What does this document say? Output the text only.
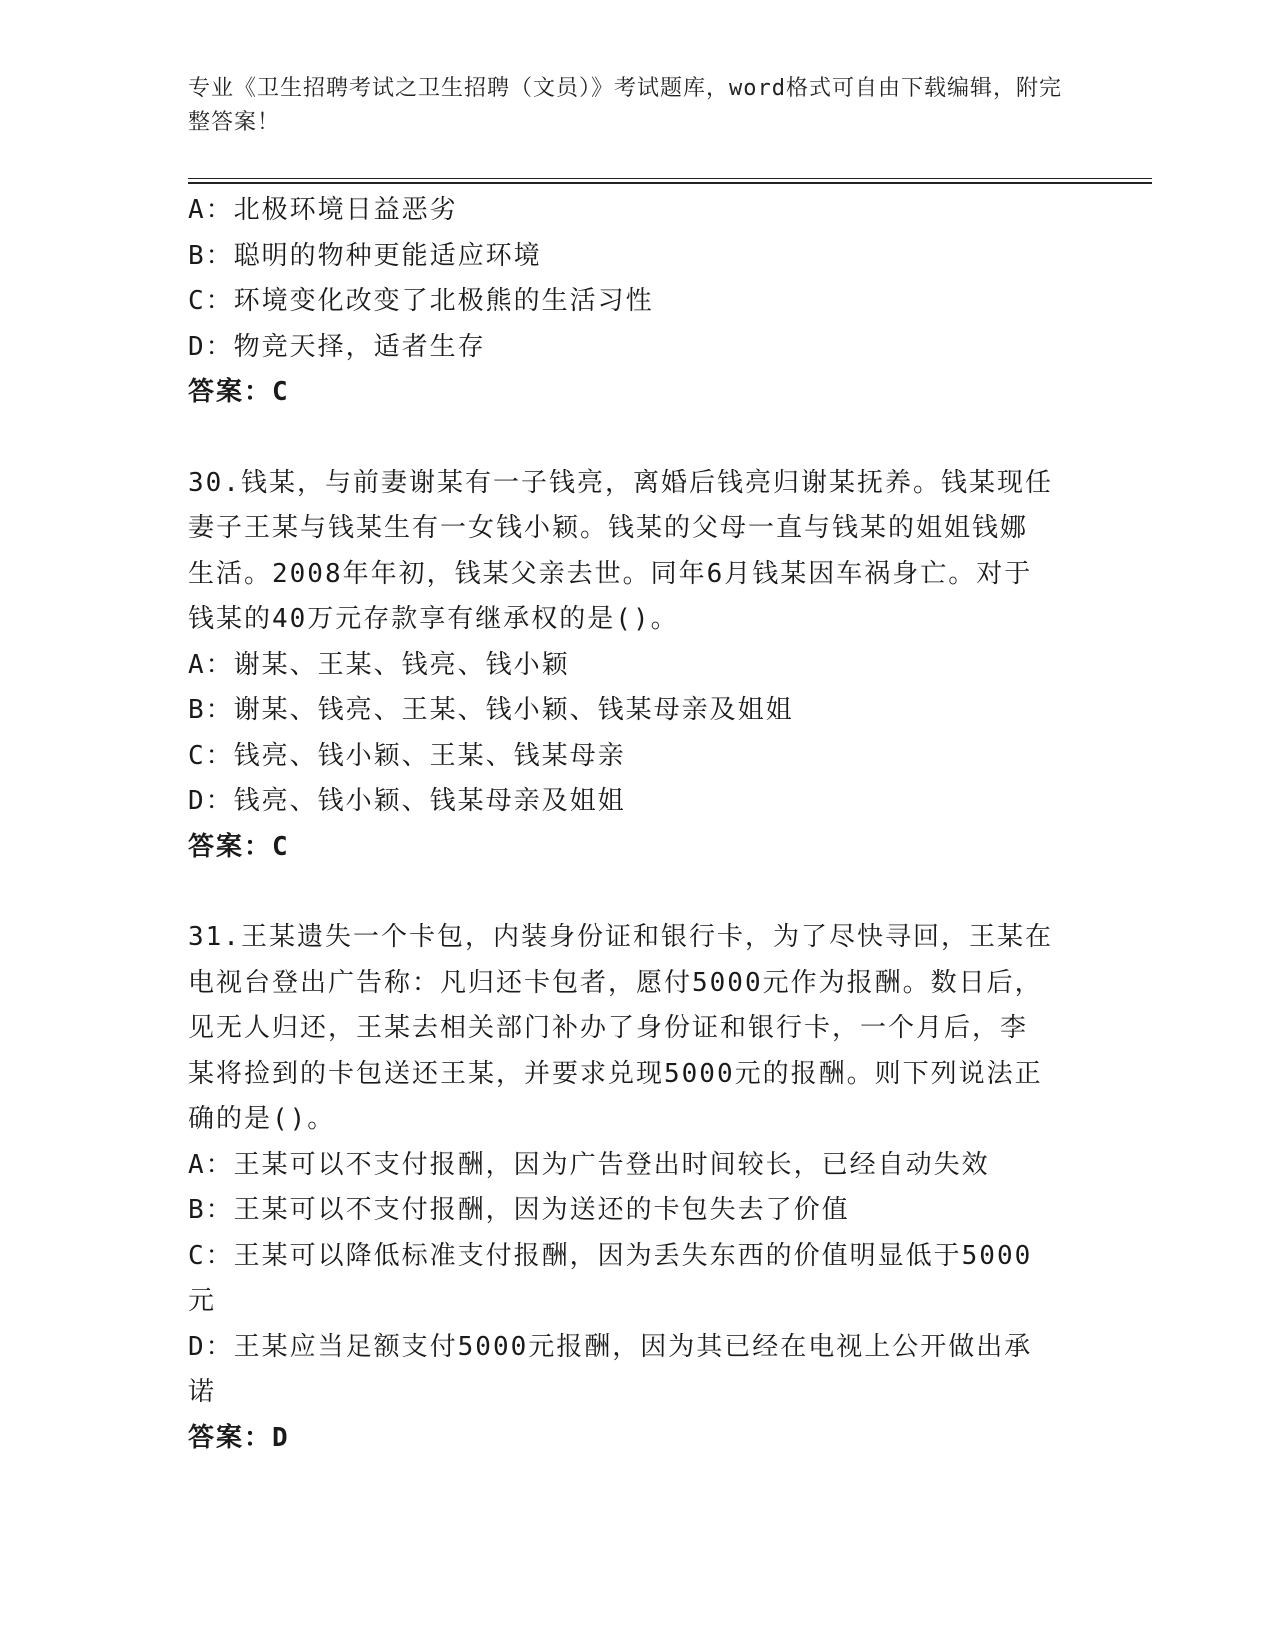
专业《卫生招聘考试之卫生招聘（文员）》考试题库，word格式可自由下载编辑，附完整答案！

A：北极环境日益恶劣

B：聪明的物种更能适应环境

C：环境变化改变了北极熊的生活习性

D：物竞天择，适者生存

答案：C

30.钱某，与前妻谢某有一子钱亮，离婚后钱亮归谢某抚养。钱某现任

妻子王某与钱某生有一女钱小颖。钱某的父母一直与钱某的姐姐钱娜

生活。2008年年初，钱某父亲去世。同年6月钱某因车祸身亡。对于

钱某的40万元存款享有继承权的是()。

A：谢某、王某、钱亮、钱小颖

B：谢某、钱亮、王某、钱小颖、钱某母亲及姐姐

C：钱亮、钱小颖、王某、钱某母亲

D：钱亮、钱小颖、钱某母亲及姐姐

答案：C

31.王某遗失一个卡包，内装身份证和银行卡，为了尽快寻回，王某在

电视台登出广告称：凡归还卡包者，愿付5000元作为报酬。数日后，

见无人归还，王某去相关部门补办了身份证和银行卡，一个月后，李

某将捡到的卡包送还王某，并要求兑现5000元的报酬。则下列说法正

确的是()。

A：王某可以不支付报酬，因为广告登出时间较长，已经自动失效

B：王某可以不支付报酬，因为送还的卡包失去了价值

C：王某可以降低标准支付报酬，因为丢失东西的价值明显低于5000

元

D：王某应当足额支付5000元报酬，因为其已经在电视上公开做出承

诺

答案：D
